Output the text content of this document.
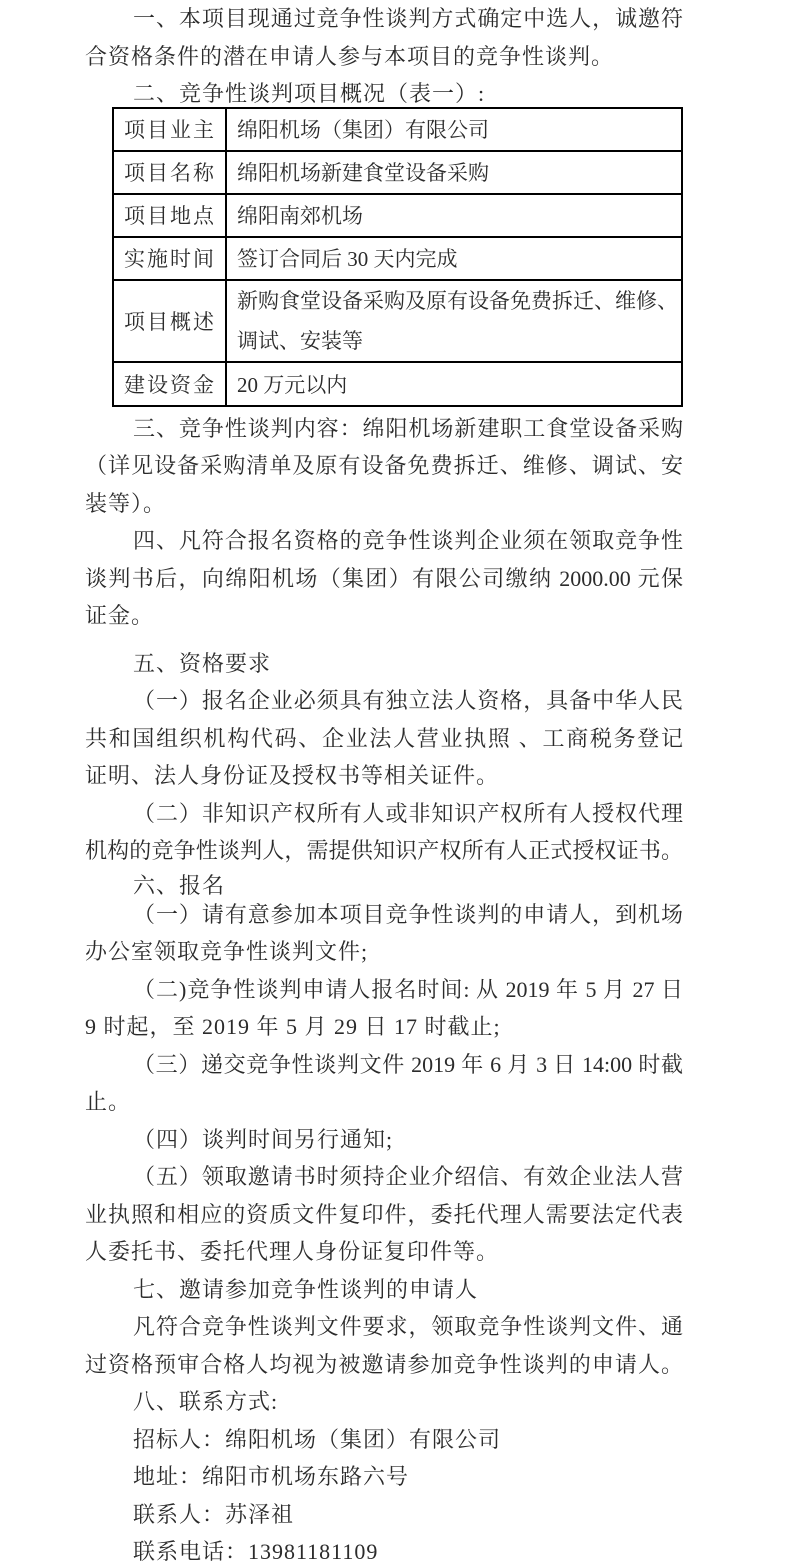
一、本项目现通过竞争性谈判方式确定中选人，诚邀符
合资格条件的潜在申请人参与本项目的竞争性谈判。
二、竞争性谈判项目概况（表一）:
项目业主	绵阳机场（集团）有限公司
项目名称	绵阳机场新建食堂设备采购
项目地点	绵阳南郊机场
实施时间	签订合同后 30 天内完成
项目概述	新购食堂设备采购及原有设备免费拆迁、维修、
调试、安装等

建设资金	20 万元以内
三、竞争性谈判内容：绵阳机场新建职工食堂设备采购
（详见设备采购清单及原有设备免费拆迁、维修、调试、安
装等）。
四、凡符合报名资格的竞争性谈判企业须在领取竞争性
谈判书后，向绵阳机场（集团）有限公司缴纳 2000.00 元保
证金。
五、资格要求
（一）报名企业必须具有独立法人资格，具备中华人民
共和国组织机构代码、企业法人营业执照 、工商税务登记
证明、法人身份证及授权书等相关证件。
（二）非知识产权所有人或非知识产权所有人授权代理
机构的竞争性谈判人，需提供知识产权所有人正式授权证书。
六、报名
（一）请有意参加本项目竞争性谈判的申请人，到机场
办公室领取竞争性谈判文件;
（二)竞争性谈判申请人报名时间: 从 2019 年 5 月 27 日
9 时起，至 2019 年 5 月 29 日 17 时截止;
（三）递交竞争性谈判文件 2019 年 6 月 3 日 14:00 时截
止。
（四）谈判时间另行通知;
（五）领取邀请书时须持企业介绍信、有效企业法人营
业执照和相应的资质文件复印件，委托代理人需要法定代表
人委托书、委托代理人身份证复印件等。
七、邀请参加竞争性谈判的申请人
凡符合竞争性谈判文件要求，领取竞争性谈判文件、通
过资格预审合格人均视为被邀请参加竞争性谈判的申请人。
八、联系方式:
招标人：绵阳机场（集团）有限公司
地址：绵阳市机场东路六号
联系人：苏泽祖
联系电话：13981181109
